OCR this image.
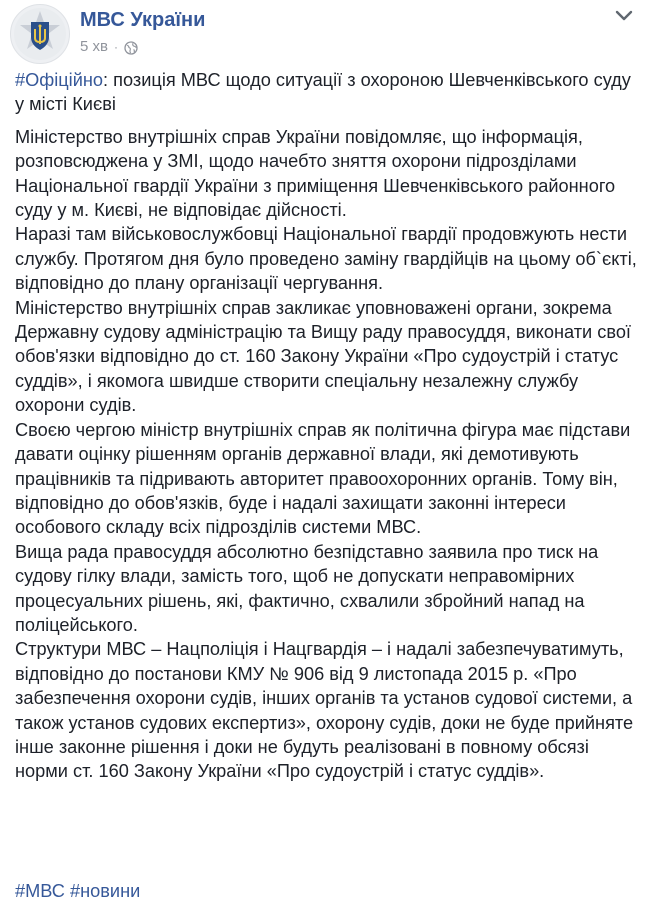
МВС України
5 хв ·

#Офіційно: позиція МВС щодо ситуації з охороною Шевченківського суду у місті Києві

Міністерство внутрішніх справ України повідомляє, що інформація, розповсюджена у ЗМІ, щодо начебто зняття охорони підрозділами Національної гвардії України з приміщення Шевченківського районного суду у м. Києві, не відповідає дійсності.

Наразі там військовослужбовці Національної гвардії продовжують нести службу. Протягом дня було проведено заміну гвардійців на цьому об`єкті, відповідно до плану організації чергування.

Міністерство внутрішніх справ закликає уповноважені органи, зокрема Державну судову адміністрацію та Вищу раду правосуддя, виконати свої обов'язки відповідно до ст. 160 Закону України «Про судоустрій і статус суддів», і якомога швидше створити спеціальну незалежну службу охорони судів.

Своєю чергою міністр внутрішніх справ як політична фігура має підстави давати оцінку рішенням органів державної влади, які демотивують працівників та підривають авторитет правоохоронних органів. Тому він, відповідно до обов'язків, буде і надалі захищати законні інтереси особового складу всіх підрозділів системи МВС.

Вища рада правосуддя абсолютно безпідставно заявила про тиск на судову гілку влади, замість того, щоб не допускати неправомірних процесуальних рішень, які, фактично, схвалили збройний напад на поліцейського.

Структури МВС – Нацполіція і Нацгвардія – і надалі забезпечуватимуть, відповідно до постанови КМУ № 906 від 9 листопада 2015 р. «Про забезпечення охорони судів, інших органів та установ судової системи, а також установ судових експертиз», охорону судів, доки не буде прийняте інше законне рішення і доки не будуть реалізовані в повному обсязі норми ст. 160 Закону України «Про судоустрій і статус суддів».

#МВС #новини
